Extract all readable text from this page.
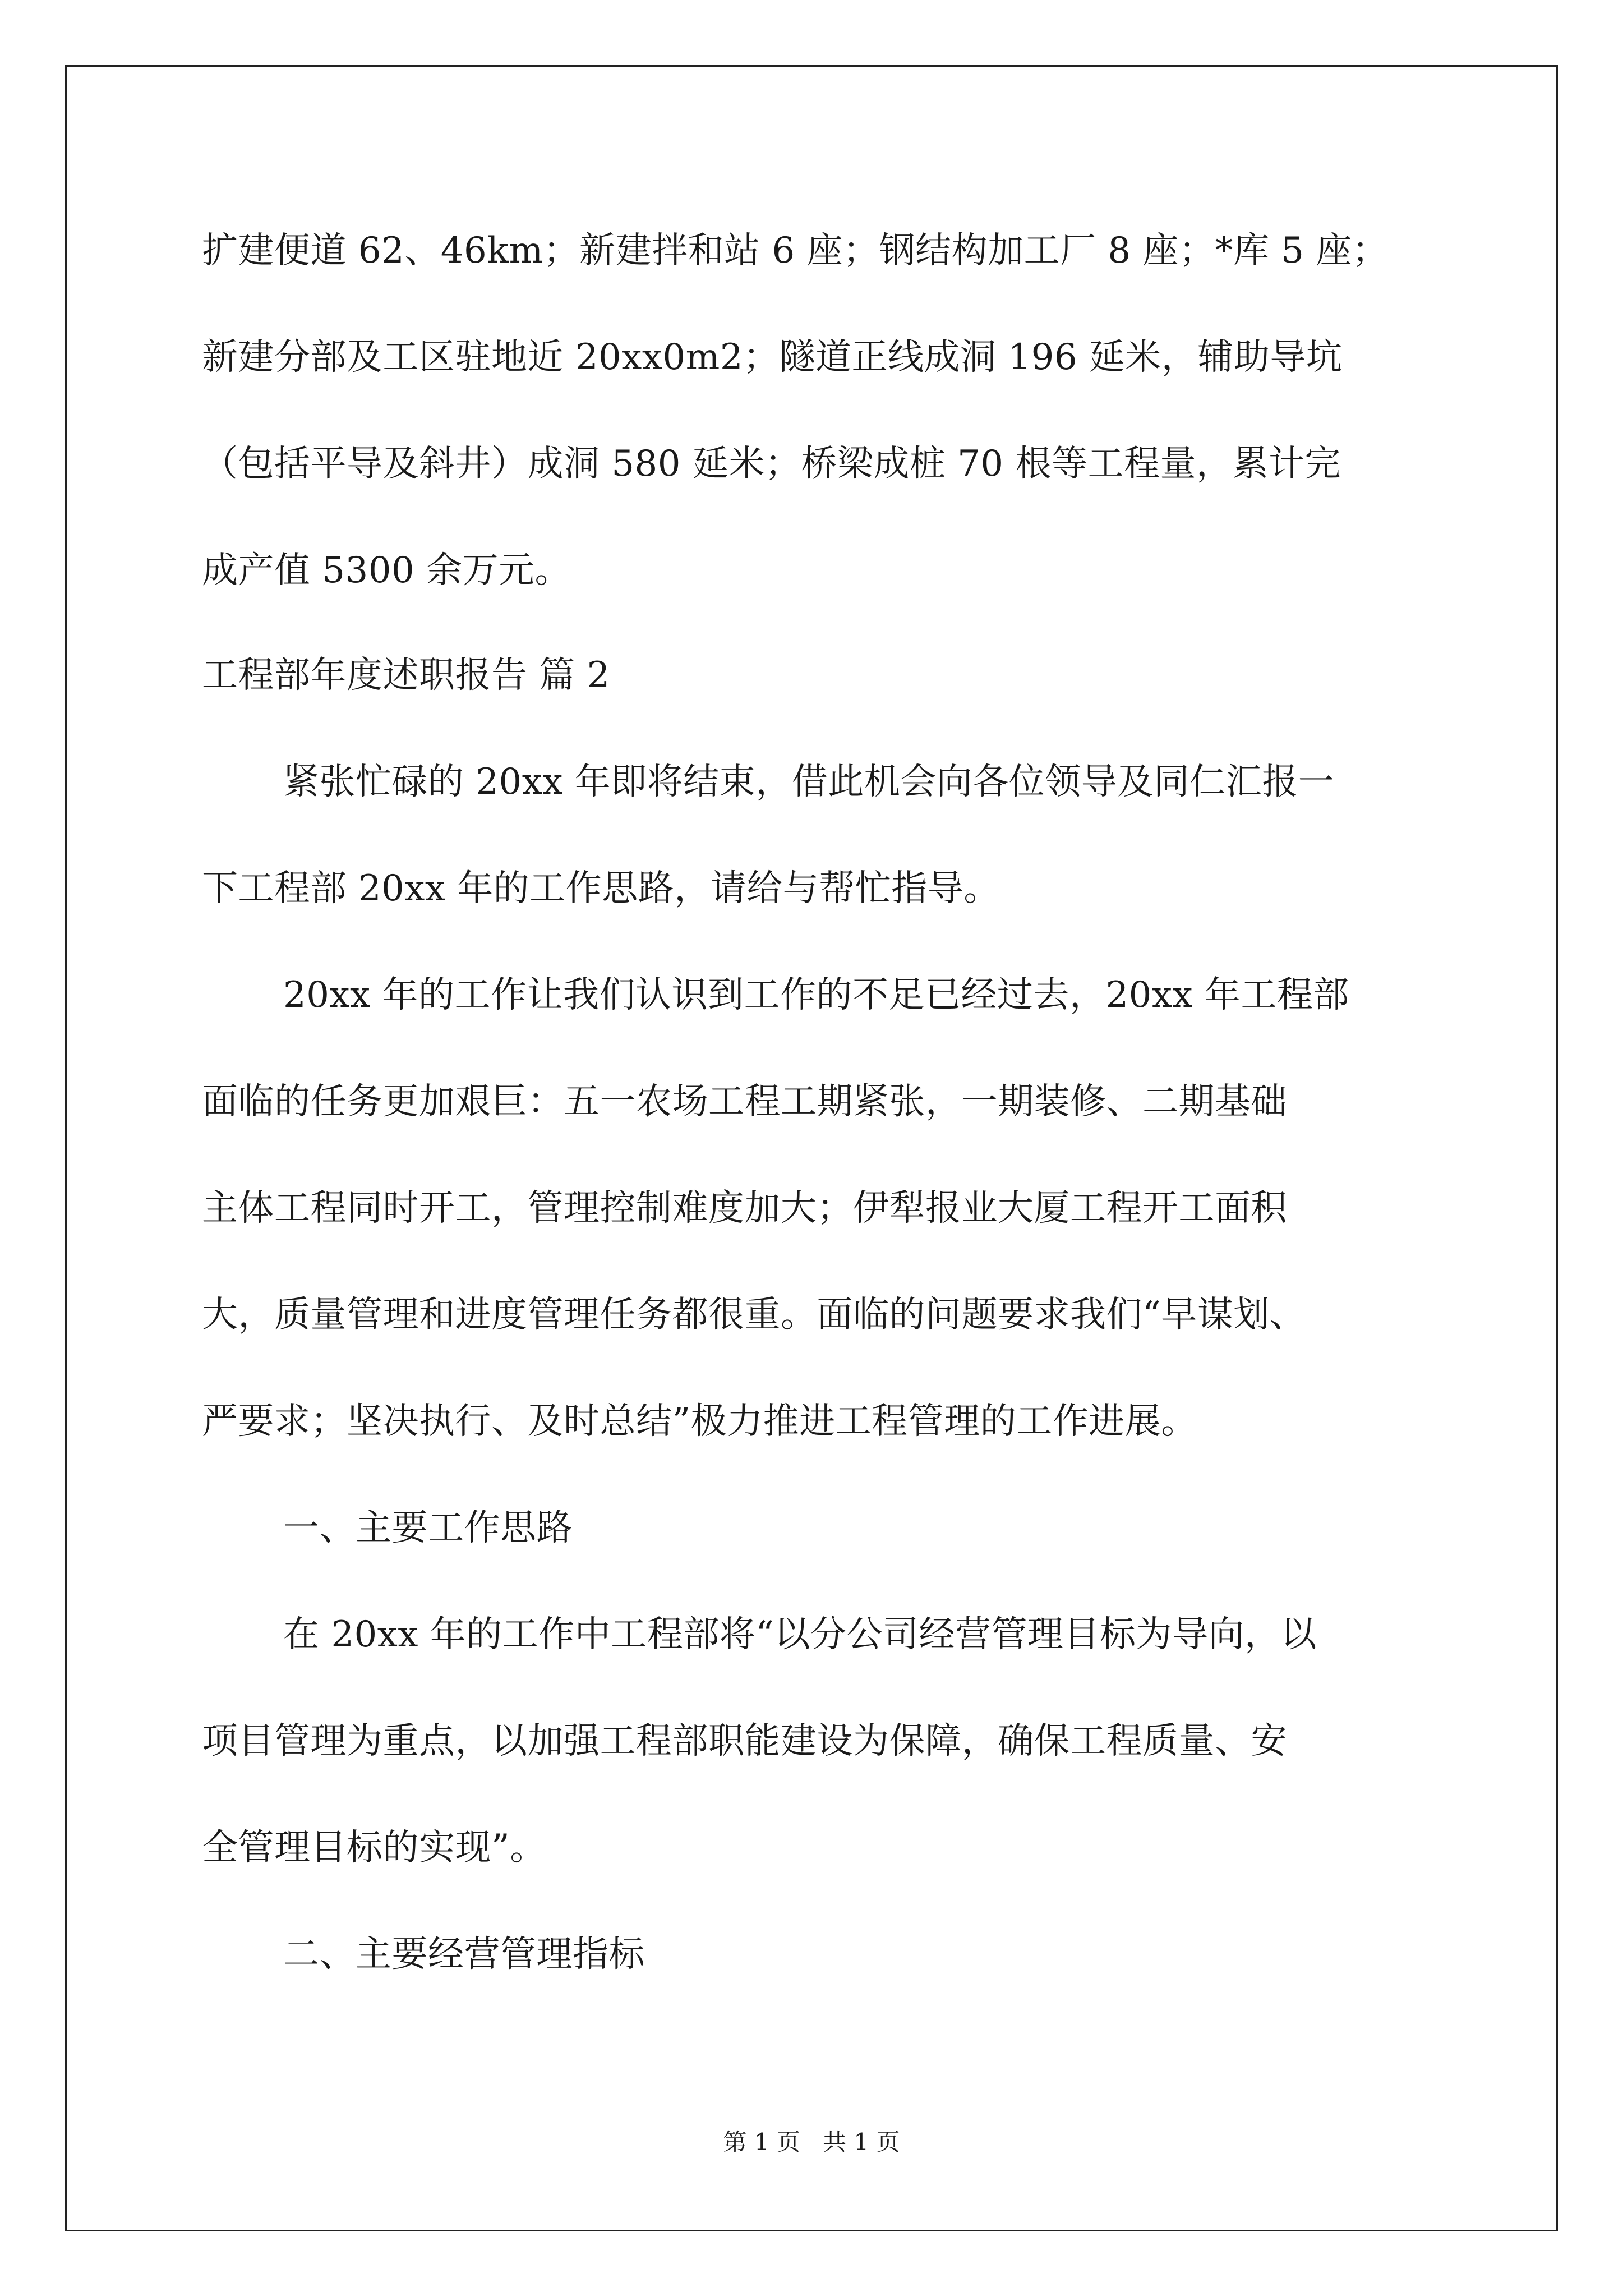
扩建便道 62、46km；新建拌和站 6 座；钢结构加工厂 8 座；*库 5 座；
新建分部及工区驻地近 20xx0m2；隧道正线成洞 196 延米，辅助导坑
（包括平导及斜井）成洞 580 延米；桥梁成桩 70 根等工程量，累计完
成产值 5300 余万元。
工程部年度述职报告 篇 2
紧张忙碌的 20xx 年即将结束，借此机会向各位领导及同仁汇报一
下工程部 20xx 年的工作思路，请给与帮忙指导。
20xx 年的工作让我们认识到工作的不足已经过去，20xx 年工程部
面临的任务更加艰巨：五一农场工程工期紧张，一期装修、二期基础
主体工程同时开工，管理控制难度加大；伊犁报业大厦工程开工面积
大，质量管理和进度管理任务都很重。面临的问题要求我们“早谋划、
严要求；坚决执行、及时总结”极力推进工程管理的工作进展。
一、主要工作思路
在 20xx 年的工作中工程部将“以分公司经营管理目标为导向，以
项目管理为重点，以加强工程部职能建设为保障，确保工程质量、安
全管理目标的实现”。
二、主要经营管理指标
第 1 页   共 1 页
